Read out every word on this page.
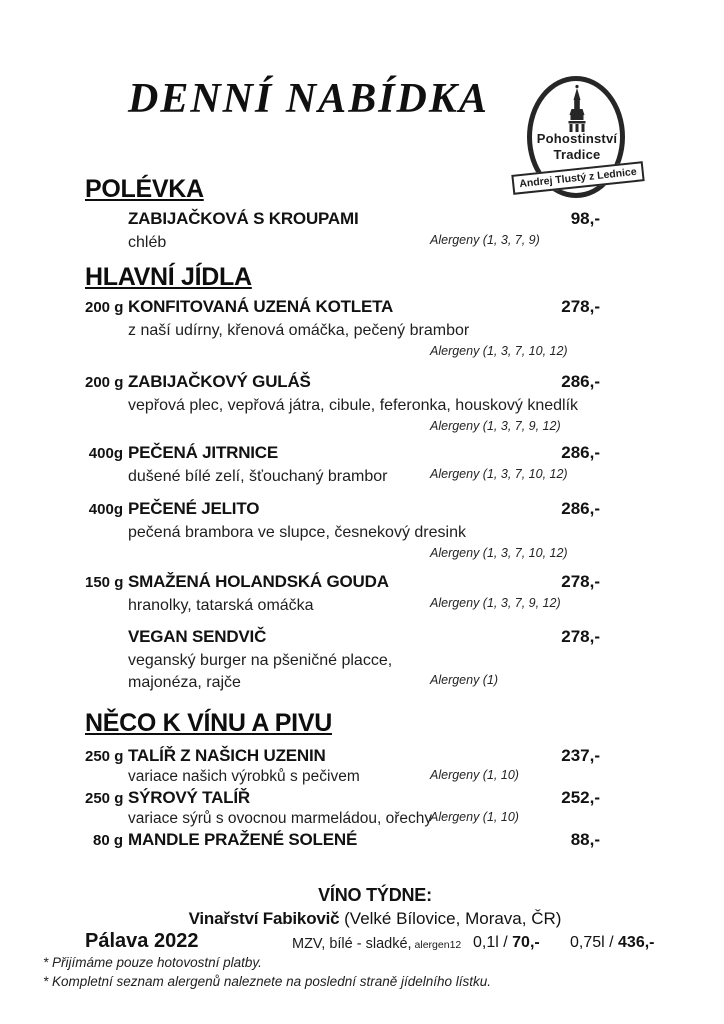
DENNÍ NABÍDKA
Pohostinství
Tradice
Andrej Tlustý z Lednice
POLÉVKA
ZABIJAČKOVÁ S KROUPAMI	98,-
chléb	Alergeny (1, 3, 7, 9)
HLAVNÍ JÍDLA
200 g KONFITOVANÁ UZENÁ KOTLETA	278,-
z naší udírny, křenová omáčka, pečený brambor
Alergeny (1, 3, 7, 10, 12)
200 g ZABIJAČKOVÝ GULÁŠ	286,-
vepřová plec, vepřová játra, cibule, feferonka, houskový knedlík
Alergeny (1, 3, 7, 9, 12)
400g PEČENÁ JITRNICE	286,-
dušené bílé zelí, šťouchaný brambor	Alergeny (1, 3, 7, 10, 12)
400g PEČENÉ JELITO	286,-
pečená brambora ve slupce, česnekový dresink
Alergeny (1, 3, 7, 10, 12)
150 g SMAŽENÁ HOLANDSKÁ GOUDA	278,-
hranolky, tatarská omáčka	Alergeny (1, 3, 7, 9, 12)
VEGAN SENDVIČ	278,-
veganský burger na pšeničné placce,
majonéza, rajče	Alergeny (1)
NĚCO K VÍNU A PIVU
250 g TALÍŘ Z NAŠICH UZENIN	237,-
variace našich výrobků s pečivem	Alergeny (1, 10)
250 g SÝROVÝ TALÍŘ	252,-
variace sýrů s ovocnou marmeládou, ořechy
Alergeny (1, 10)
80 g MANDLE PRAŽENÉ SOLENÉ	88,-
VÍNO TÝDNE:
Vinařství Fabikovič (Velké Bílovice, Morava, ČR)
Pálava 2022	MZV, bílé - sladké, alergen12 0,1l / 70,- 0,75l / 436,-
* Přijímáme pouze hotovostní platby.
* Kompletní seznam alergenů naleznete na poslední straně jídelního lístku.
